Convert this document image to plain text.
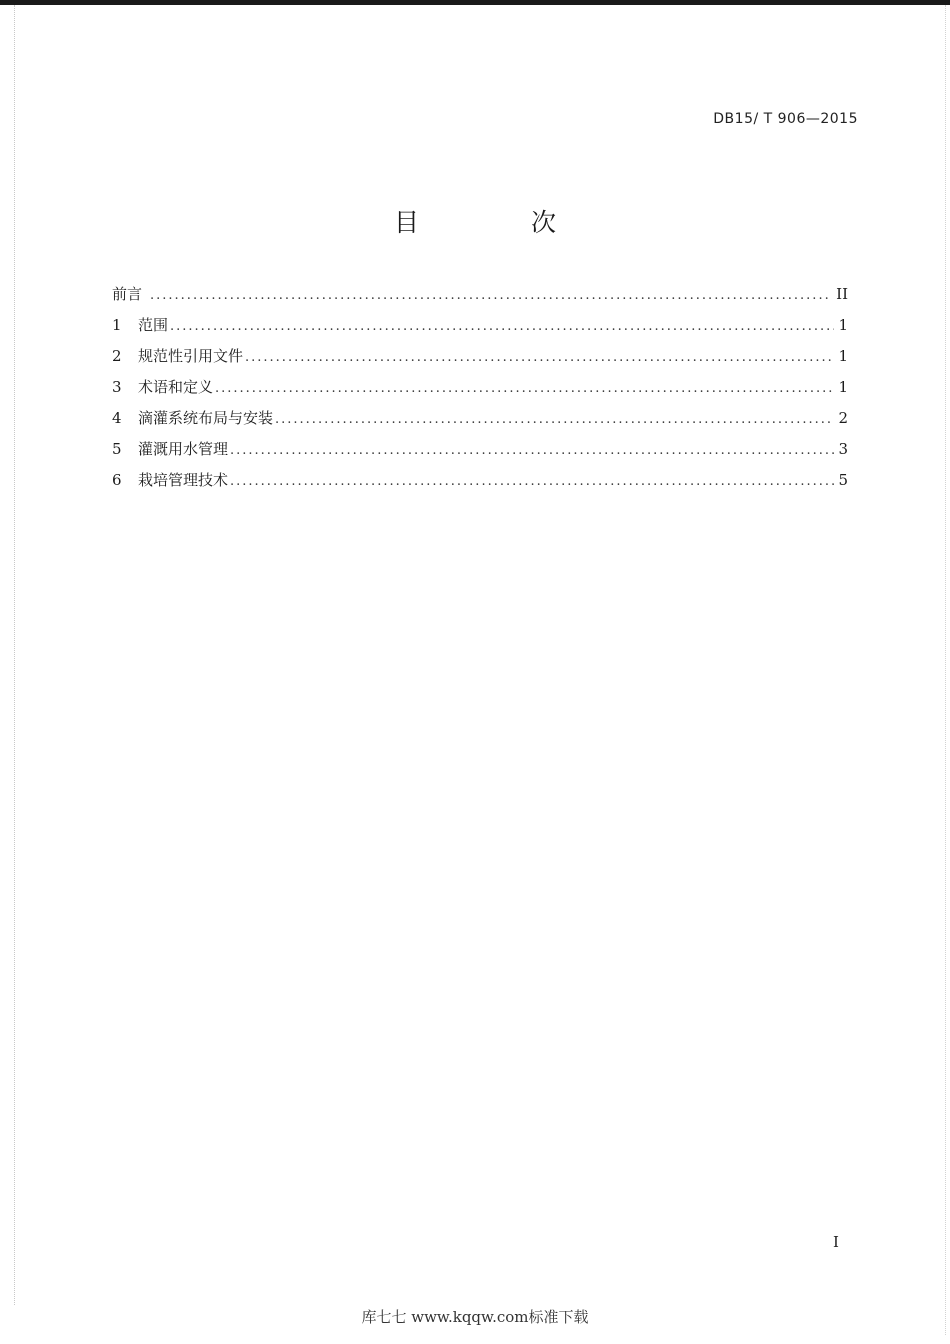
DB15/ T 906—2015
目 次
前言 .....	II
1	范围 .....	1
2	规范性引用文件 .....	1
3	术语和定义 .....	1
4	滴灌系统布局与安装 .....	2
5	灌溉用水管理 .....	3
6	栽培管理技术 .....	5
I
库七七 www.kqqw.com标准下载
